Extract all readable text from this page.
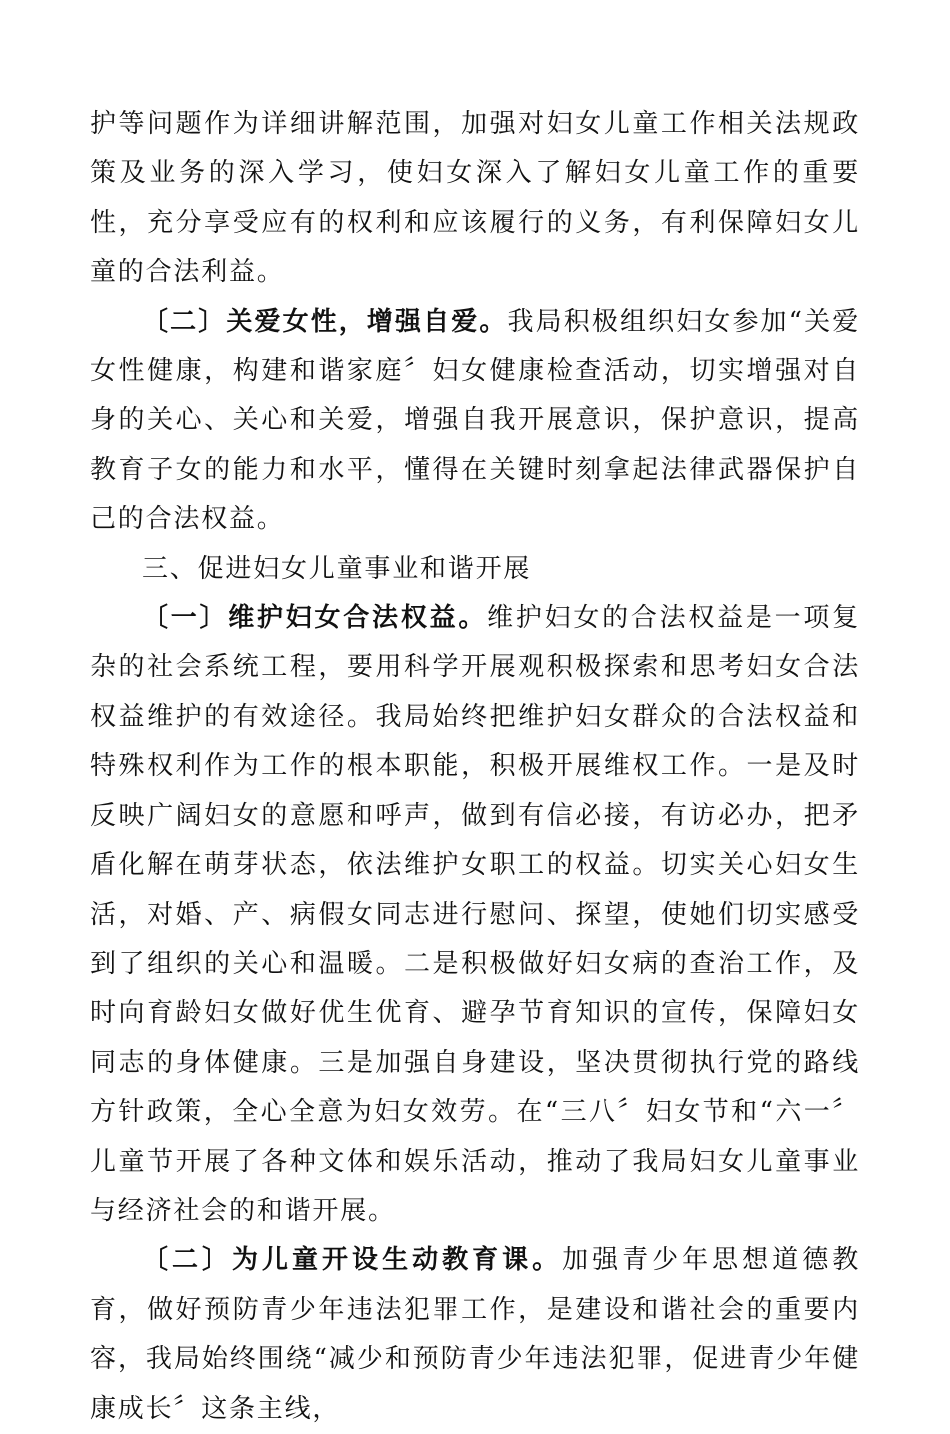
护等问题作为详细讲解范围，加强对妇女儿童工作相关法规政策及业务的深入学习，使妇女深入了解妇女儿童工作的重要性，充分享受应有的权利和应该履行的义务，有利保障妇女儿童的合法利益。

〔二〕关爱女性，增强自爱。我局积极组织妇女参加“关爱女性健康，构建和谐家庭〞妇女健康检查活动，切实增强对自身的关心、关心和关爱，增强自我开展意识，保护意识，提高教育子女的能力和水平，懂得在关键时刻拿起法律武器保护自己的合法权益。

三、促进妇女儿童事业和谐开展

〔一〕维护妇女合法权益。维护妇女的合法权益是一项复杂的社会系统工程，要用科学开展观积极探索和思考妇女合法权益维护的有效途径。我局始终把维护妇女群众的合法权益和特殊权利作为工作的根本职能，积极开展维权工作。一是及时反映广阔妇女的意愿和呼声，做到有信必接，有访必办，把矛盾化解在萌芽状态，依法维护女职工的权益。切实关心妇女生活，对婚、产、病假女同志进行慰问、探望，使她们切实感受到了组织的关心和温暖。二是积极做好妇女病的查治工作，及时向育龄妇女做好优生优育、避孕节育知识的宣传，保障妇女同志的身体健康。三是加强自身建设，坚决贯彻执行党的路线方针政策，全心全意为妇女效劳。在“三八〞妇女节和“六一〞儿童节开展了各种文体和娱乐活动，推动了我局妇女儿童事业与经济社会的和谐开展。

〔二〕为儿童开设生动教育课。加强青少年思想道德教育，做好预防青少年违法犯罪工作，是建设和谐社会的重要内容，我局始终围绕“减少和预防青少年违法犯罪，促进青少年健康成长〞这条主线，
